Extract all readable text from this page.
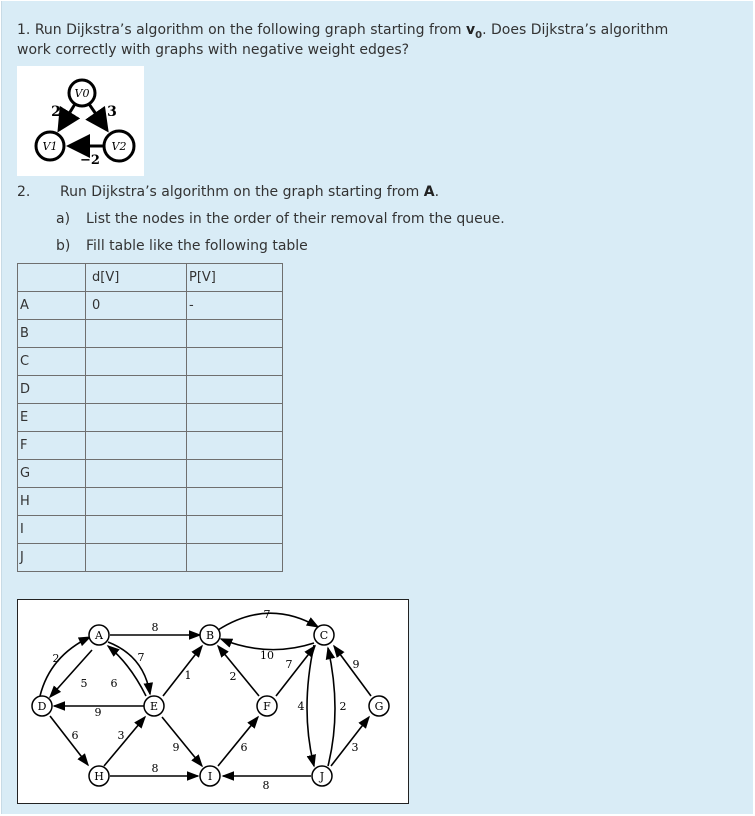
1. Run Dijkstra’s algorithm on the following graph starting from $v_0$. Does Dijkstra’s algorithm
work correctly with graphs with negative weight edges?
V0
V1	V2
2	3
−2
2. Run Dijkstra’s algorithm on the graph starting from A.
a) List the nodes in the order of their removal from the queue.
b) Fill table like the following table
	d[V]	P[V]
A	0	-
B		
C		
D		
E		
F		
G		
H		
I		
J		
A	B	C
D	E	F	G
H	I	J
8
7
10
2
5 6
7
1	2
7	9
9	4	2
6	3
9	6	3
8
8
